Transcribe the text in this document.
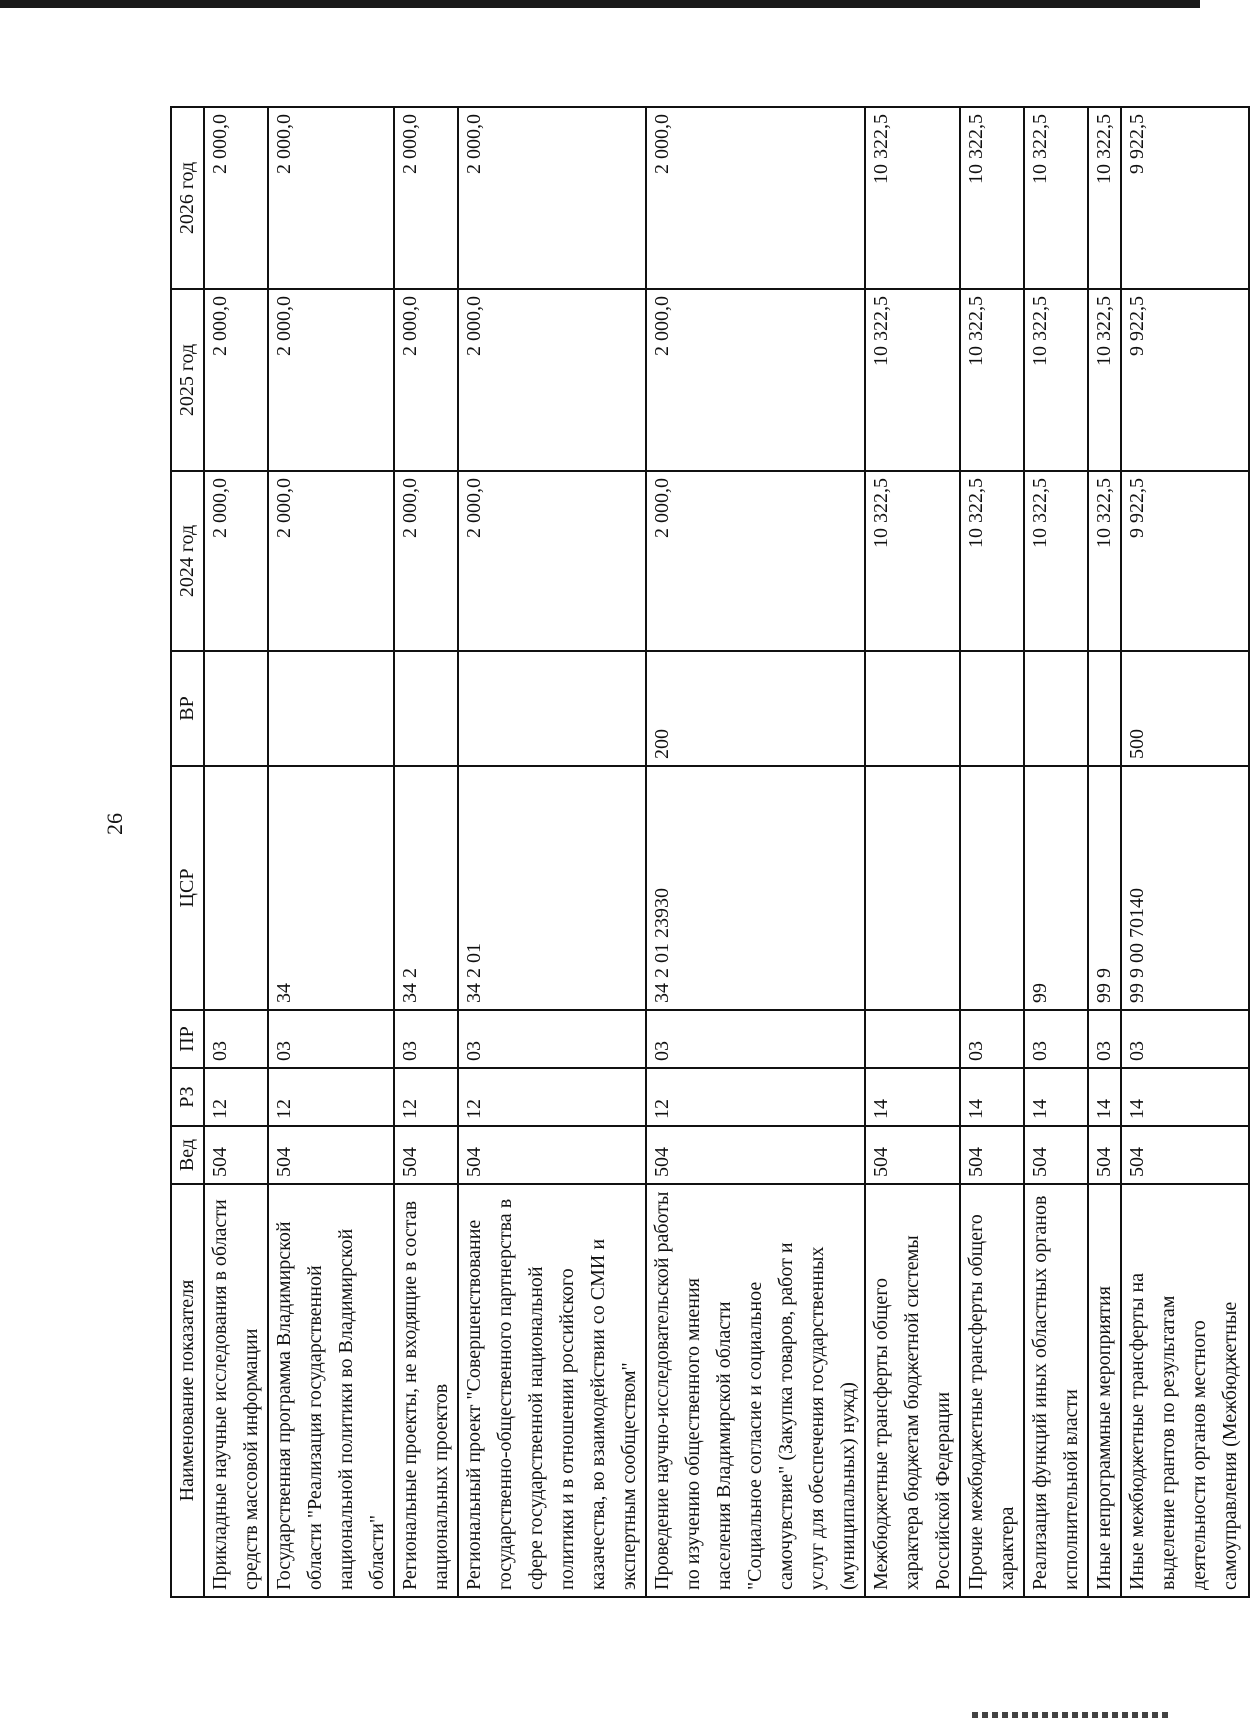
26
Наименование показателя	Вед	РЗ	ПР	ЦСР	ВР	2024 год	2025 год	2026 год
Прикладные научные исследования в области средств массовой информации	504	12	03			2 000,0	2 000,0	2 000,0
Государственная программа Владимирской области "Реализация государственной национальной политики во Владимирской области"	504	12	03	34		2 000,0	2 000,0	2 000,0
Региональные проекты, не входящие в состав национальных проектов	504	12	03	34 2		2 000,0	2 000,0	2 000,0
Региональный проект "Совершенствование государственно-общественного партнерства в сфере государственной национальной политики и в отношении российского казачества, во взаимодействии со СМИ и экспертным сообществом"	504	12	03	34 2 01		2 000,0	2 000,0	2 000,0
Проведение научно-исследовательской работы по изучению общественного мнения населения Владимирской области "Социальное согласие и социальное самочувствие" (Закупка товаров, работ и услуг для обеспечения государственных (муниципальных) нужд)	504	12	03	34 2 01 23930	200	2 000,0	2 000,0	2 000,0
Межбюджетные трансферты общего характера бюджетам бюджетной системы Российской Федерации	504	14				10 322,5	10 322,5	10 322,5
Прочие межбюджетные трансферты общего характера	504	14	03			10 322,5	10 322,5	10 322,5
Реализация функций иных областных органов исполнительной власти	504	14	03	99		10 322,5	10 322,5	10 322,5
Иные непрограммные мероприятия	504	14	03	99 9		10 322,5	10 322,5	10 322,5
Иные межбюджетные трансферты на выделение грантов по результатам деятельности органов местного самоуправления (Межбюджетные	504	14	03	99 9 00 70140	500	9 922,5	9 922,5	9 922,5
